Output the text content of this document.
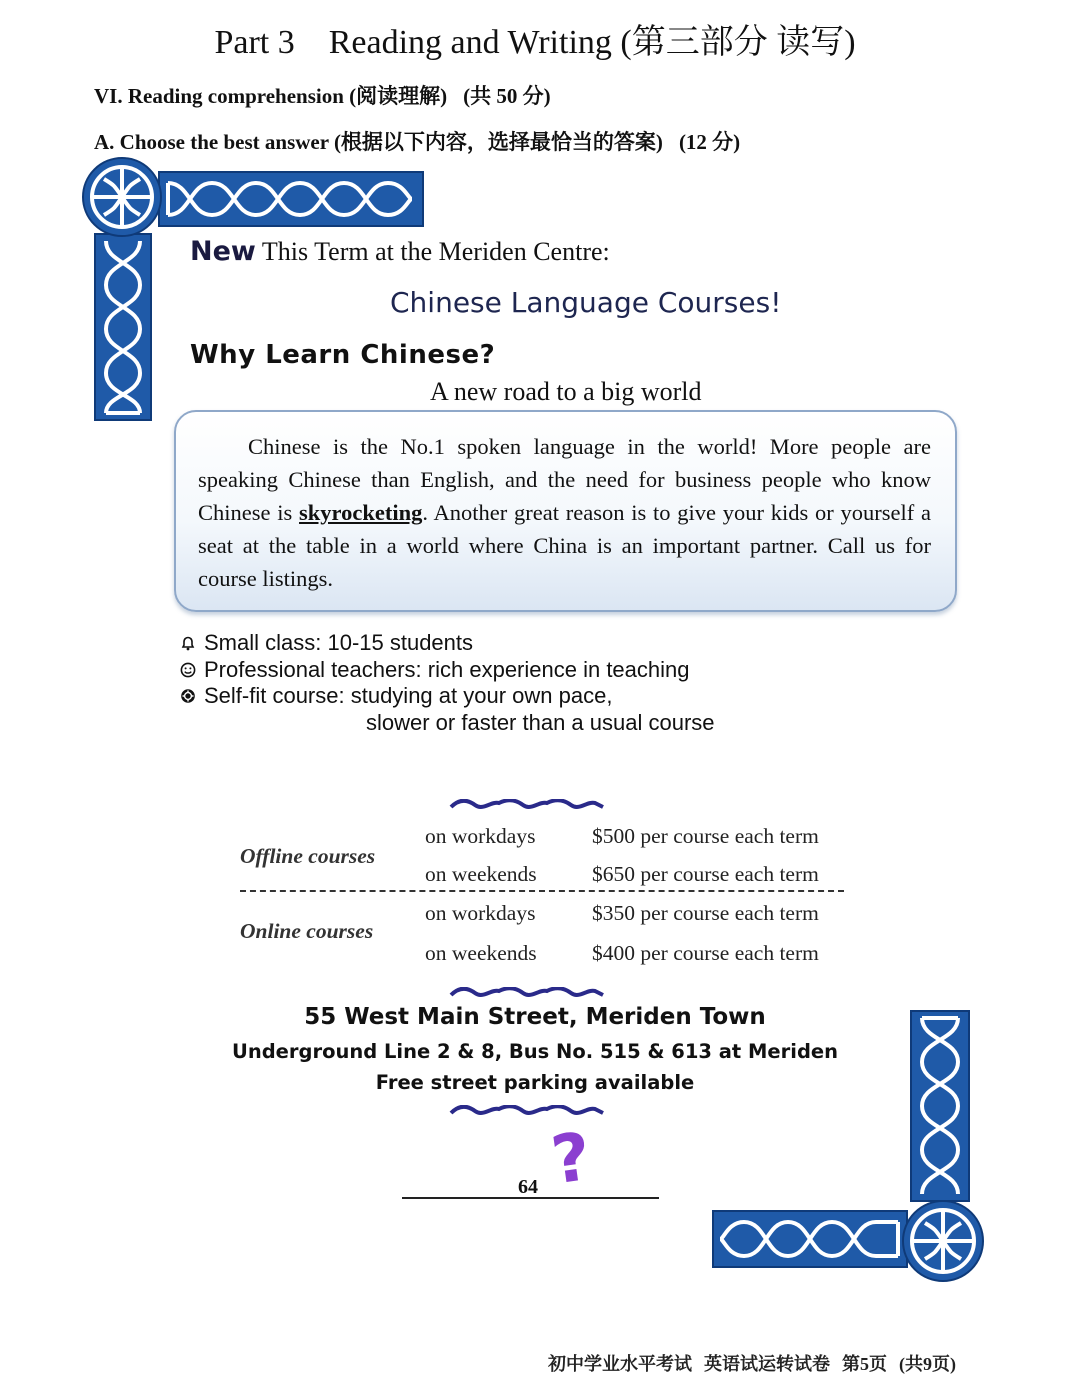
Part 3 Reading and Writing (第三部分 读写)
VI. Reading comprehension (阅读理解) (共 50 分)
A. Choose the best answer (根据以下内容，选择最恰当的答案) (12 分)
New This Term at the Meriden Centre:
Chinese Language Courses!
Why Learn Chinese?
A new road to a big world
Chinese is the No.1 spoken language in the world! More people are speaking Chinese than English, and the need for business people who know Chinese is skyrocketing. Another great reason is to give your kids or yourself a seat at the table in a world where China is an important partner. Call us for course listings.
Small class: 10-15 students
Professional teachers: rich experience in teaching
Self-fit course: studying at your own pace,
slower or faster than a usual course
Offline courses
on workdays	$500 per course each term
on weekends	$650 per course each term
Online courses
on workdays	$350 per course each term
on weekends	$400 per course each term
55 West Main Street, Meriden Town
Underground Line 2 & 8, Bus No. 515 & 613 at Meriden
Free street parking available
?
64
初中学业水平考试 英语试运转试卷 第5页 (共9页)
